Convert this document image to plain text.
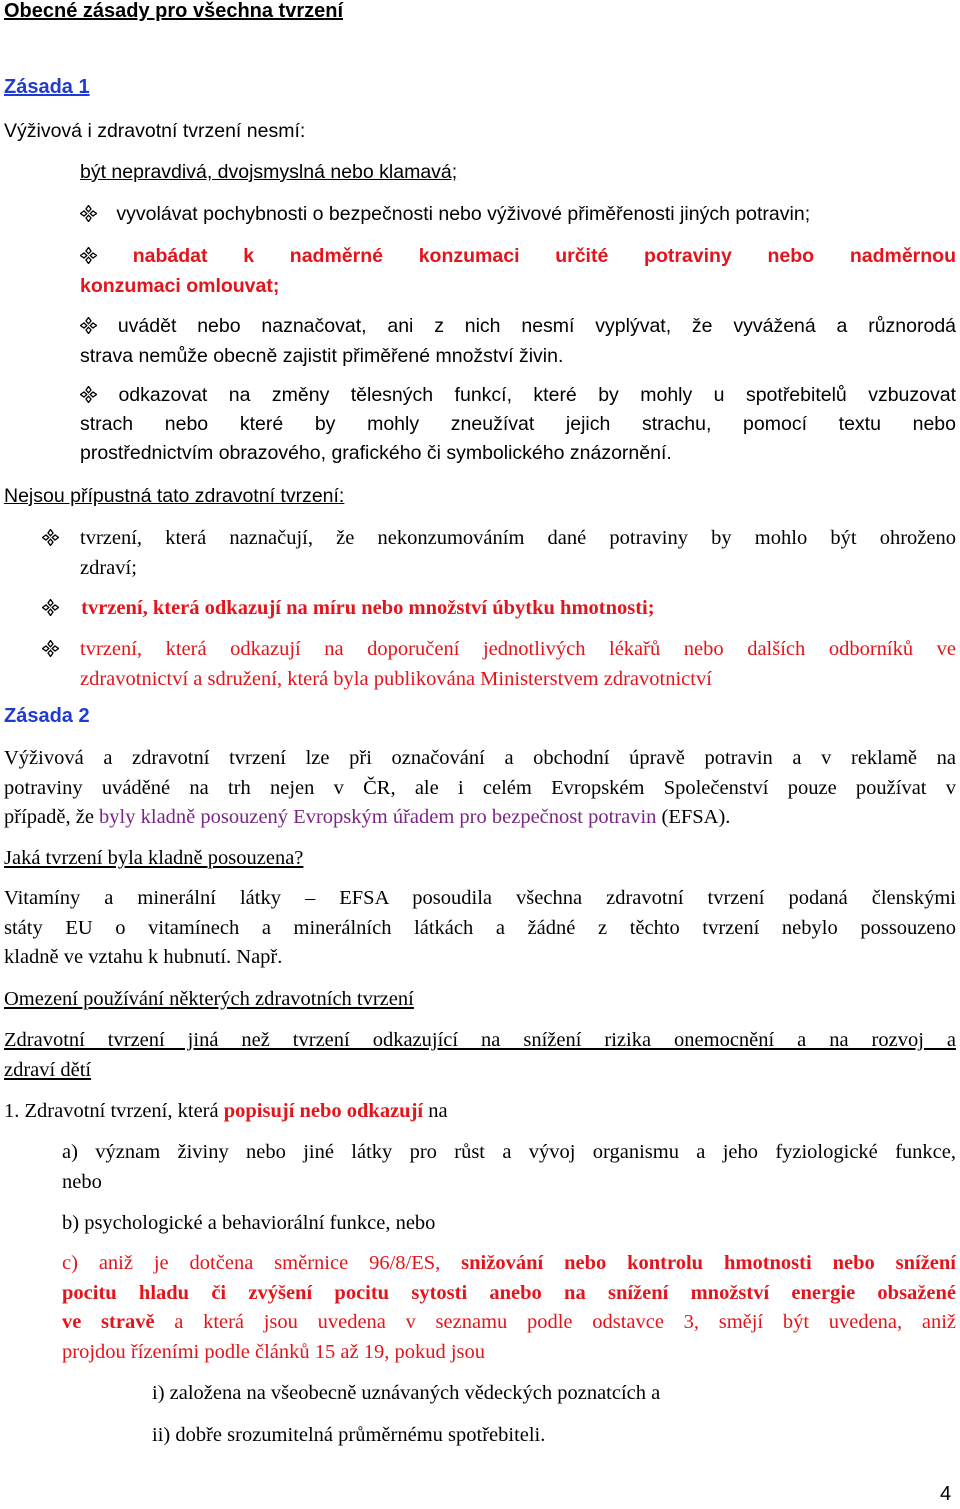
Obecné zásady pro všechna tvrzení
Zásada 1

Výživová i zdravotní tvrzení nesmí:

být nepravdivá, dvojsmyslná nebo klamavá;

vyvolávat pochybnosti o bezpečnosti nebo výživové přiměřenosti jiných potravin;

nabádat k nadměrné konzumaci určité potraviny nebo nadměrnou
konzumaci omlouvat;
uvádět nebo naznačovat, ani z nich nesmí vyplývat, že vyvážená a různorodá
strava nemůže obecně zajistit přiměřené množství živin.
odkazovat na změny tělesných funkcí, které by mohly u spotřebitelů vzbuzovat
strach nebo které by mohly zneužívat jejich strachu, pomocí textu nebo
prostřednictvím obrazového, grafického či symbolického znázornění.

Nejsou přípustná tato zdravotní tvrzení:

tvrzení, která naznačují, že nekonzumováním dané potraviny by mohlo být ohroženo
zdraví;

tvrzení, která odkazují na míru nebo množství úbytku hmotnosti;

tvrzení, která odkazují na doporučení jednotlivých lékařů nebo dalších odborníků ve
zdravotnictví a sdružení, která byla publikována Ministerstvem zdravotnictví
Zásada 2
Výživová a zdravotní tvrzení lze při označování a obchodní úpravě potravin a v reklamě na
potraviny uváděné na trh nejen v ČR, ale i celém Evropském Společenství pouze používat v
případě, že byly kladně posouzený Evropským úřadem pro bezpečnost potravin (EFSA).

Jaká tvrzení byla kladně posouzena?

Vitamíny a minerální látky – EFSA posoudila všechna zdravotní tvrzení podaná členskými
státy EU o vitamínech a minerálních látkách a žádné z těchto tvrzení nebylo possouzeno
kladně ve vztahu k hubnutí. Např.

Omezení používání některých zdravotních tvrzení

Zdravotní tvrzení jiná než tvrzení odkazující na snížení rizika onemocnění a na rozvoj a
zdraví dětí

1. Zdravotní tvrzení, která popisují nebo odkazují na

a) význam živiny nebo jiné látky pro růst a vývoj organismu a jeho fyziologické funkce,
nebo

b) psychologické a behaviorální funkce, nebo

c) aniž je dotčena směrnice 96/8/ES, snižování nebo kontrolu hmotnosti nebo snížení
pocitu hladu či zvýšení pocitu sytosti anebo na snížení množství energie obsažené
ve stravě a která jsou uvedena v seznamu podle odstavce 3, smějí být uvedena, aniž
projdou řízeními podle článků 15 až 19, pokud jsou

i) založena na všeobecně uznávaných vědeckých poznatcích a

ii) dobře srozumitelná průměrnému spotřebiteli.

4
